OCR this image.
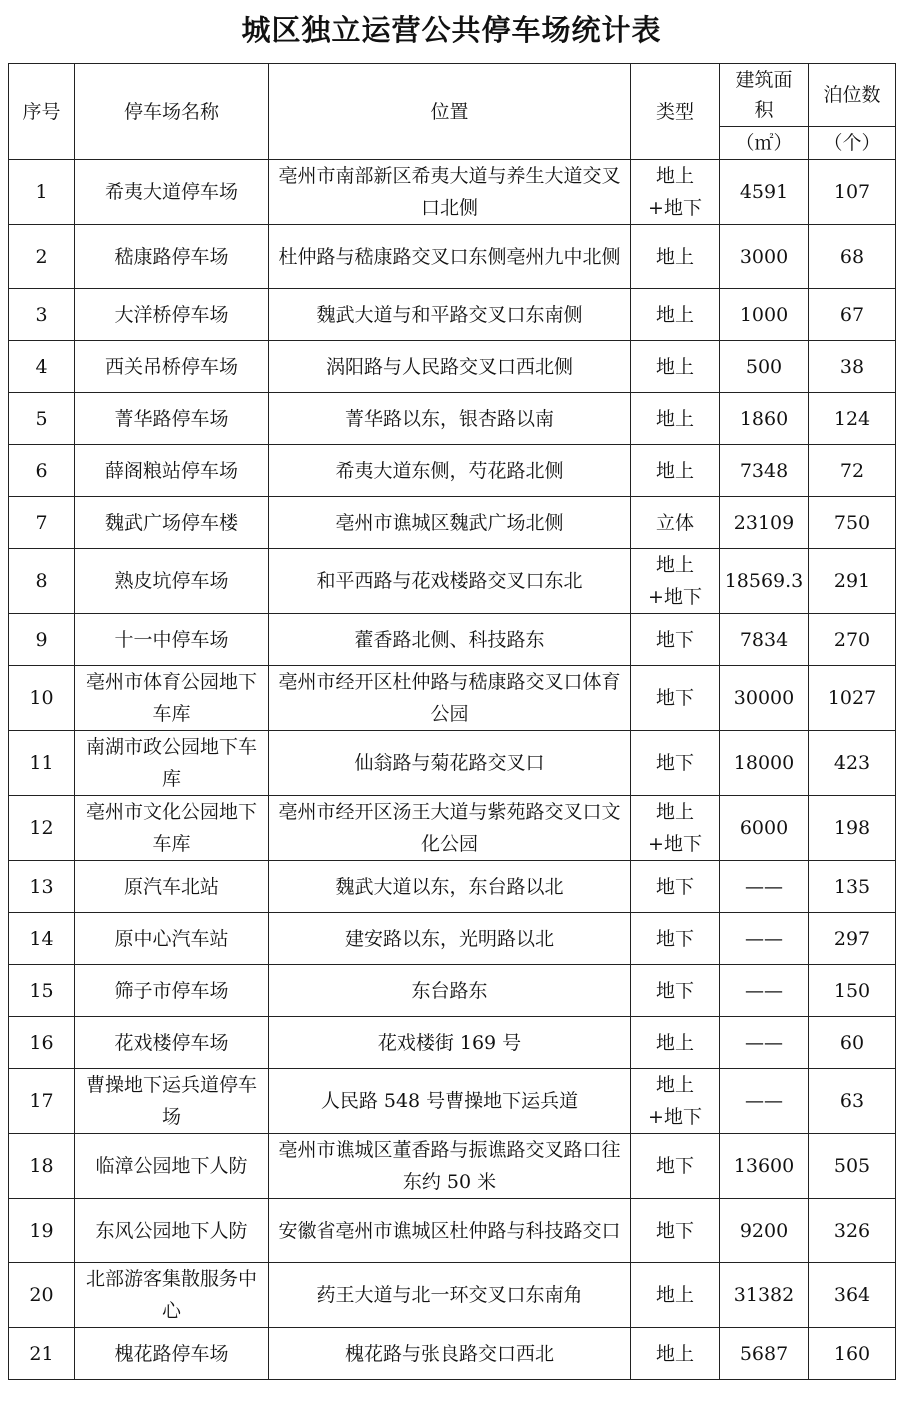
城区独立运营公共停车场统计表
序号	停车场名称	位置	类型	建筑面积	泊位数
				（㎡）	（个）
1	希夷大道停车场	亳州市南部新区希夷大道与养生大道交叉口北侧	地上+地下	4591	107
2	嵇康路停车场	杜仲路与嵇康路交叉口东侧亳州九中北侧	地上	3000	68
3	大洋桥停车场	魏武大道与和平路交叉口东南侧	地上	1000	67
4	西关吊桥停车场	涡阳路与人民路交叉口西北侧	地上	500	38
5	菁华路停车场	菁华路以东，银杏路以南	地上	1860	124
6	薛阁粮站停车场	希夷大道东侧，芍花路北侧	地上	7348	72
7	魏武广场停车楼	亳州市谯城区魏武广场北侧	立体	23109	750
8	熟皮坑停车场	和平西路与花戏楼路交叉口东北	地上+地下	18569.3	291
9	十一中停车场	藿香路北侧、科技路东	地下	7834	270
10	亳州市体育公园地下车库	亳州市经开区杜仲路与嵇康路交叉口体育公园	地下	30000	1027
11	南湖市政公园地下车库	仙翁路与菊花路交叉口	地下	18000	423
12	亳州市文化公园地下车库	亳州市经开区汤王大道与紫苑路交叉口文化公园	地上+地下	6000	198
13	原汽车北站	魏武大道以东，东台路以北	地下	——	135
14	原中心汽车站	建安路以东，光明路以北	地下	——	297
15	筛子市停车场	东台路东	地下	——	150
16	花戏楼停车场	花戏楼街 169 号	地上	——	60
17	曹操地下运兵道停车场	人民路 548 号曹操地下运兵道	地上+地下	——	63
18	临漳公园地下人防	亳州市谯城区董香路与振谯路交叉路口往东约 50 米	地下	13600	505
19	东风公园地下人防	安徽省亳州市谯城区杜仲路与科技路交口	地下	9200	326
20	北部游客集散服务中心	药王大道与北一环交叉口东南角	地上	31382	364
21	槐花路停车场	槐花路与张良路交口西北	地上	5687	160
